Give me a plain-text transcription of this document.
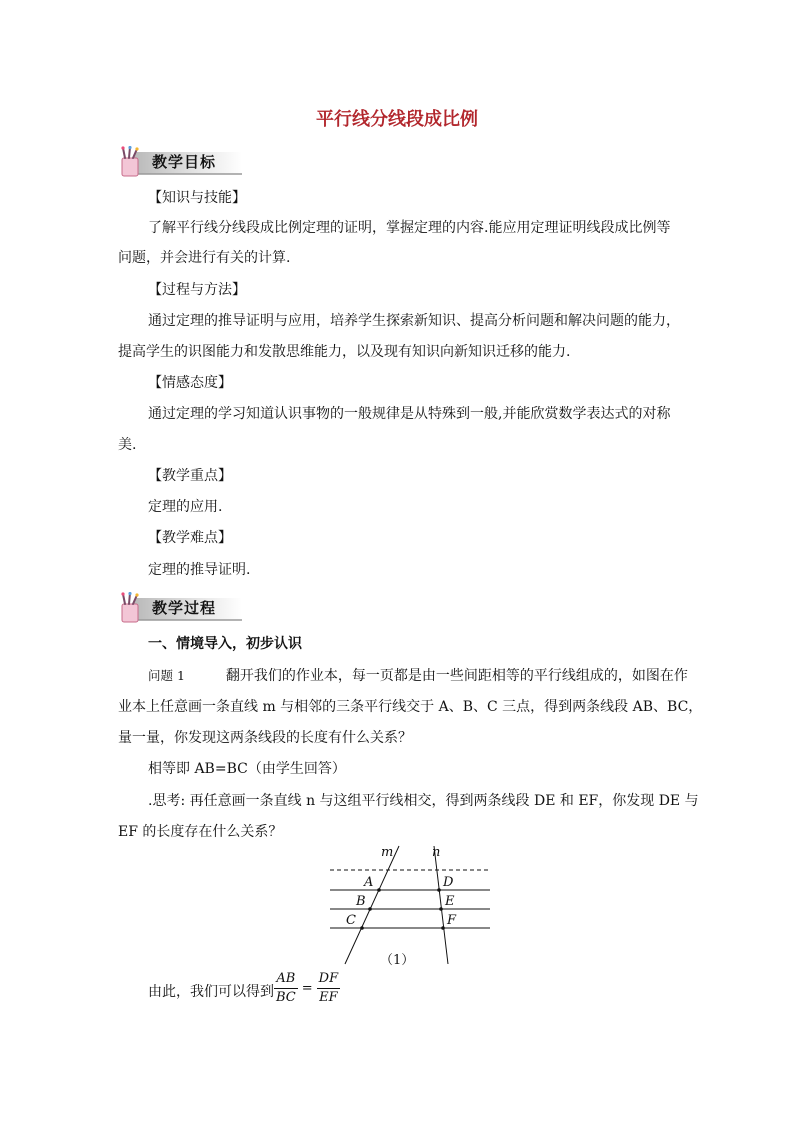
平行线分线段成比例
教学目标
【知识与技能】
了解平行线分线段成比例定理的证明，掌握定理的内容.能应用定理证明线段成比例等
问题，并会进行有关的计算.
【过程与方法】
通过定理的推导证明与应用，培养学生探索新知识、提高分析问题和解决问题的能力，
提高学生的识图能力和发散思维能力，以及现有知识向新知识迁移的能力.
【情感态度】
通过定理的学习知道认识事物的一般规律是从特殊到一般,并能欣赏数学表达式的对称
美.
【教学重点】
定理的应用.
【教学难点】
定理的推导证明.
教学过程
一、情境导入，初步认识
问题 1	翻开我们的作业本，每一页都是由一些间距相等的平行线组成的，如图在作
业本上任意画一条直线 m 与相邻的三条平行线交于 A、B、C 三点，得到两条线段 AB、BC，
量一量，你发现这两条线段的长度有什么关系？
相等即 AB=BC（由学生回答）
.思考: 再任意画一条直线 n 与这组平行线相交，得到两条线段 DE 和 EF，你发现 DE 与
EF 的长度存在什么关系？
m	n
A
B
C
D
E
F
（1）
由此，我们可以得到 $\frac{AB}{BC} = \frac{DF}{EF}$
